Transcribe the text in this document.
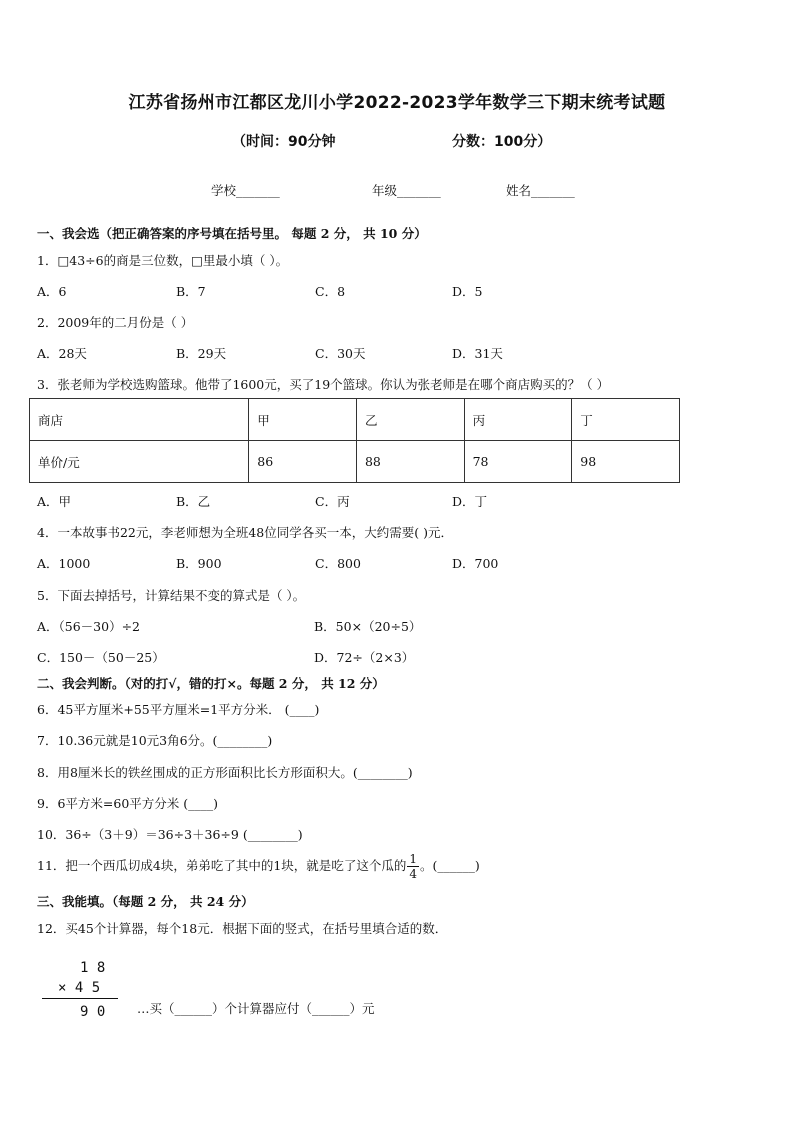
江苏省扬州市江都区龙川小学2022-2023学年数学三下期末统考试题
（时间：90分钟	分数：100分）
学校_______	年级_______	姓名_______
一、我会选（把正确答案的序号填在括号里。 每题 2 分， 共 10 分）
1．□43÷6的商是三位数，□里最小填（ ）。
A．6	B．7	C．8	D．5
2．2009年的二月份是（ ）
A．28天	B．29天	C．30天	D．31天
3．张老师为学校选购篮球。他带了1600元，买了19个篮球。你认为张老师是在哪个商店购买的？（ ）
商店	甲	乙	丙	丁
单价/元	86	88	78	98
A．甲	B．乙	C．丙	D．丁
4．一本故事书22元，李老师想为全班48位同学各买一本，大约需要( )元．
A．1000	B．900	C．800	D．700
5．下面去掉括号，计算结果不变的算式是（ ）。
A．（56－30）÷2	B．50×（20÷5）
C．150－（50－25）	D．72÷（2×3）
二、我会判断。（对的打√，错的打×。每题 2 分， 共 12 分）
6．45平方厘米+55平方厘米=1平方分米． (____)
7．10.36元就是10元3角6分。(________)
8．用8厘米长的铁丝围成的正方形面积比长方形面积大。(________)
9．6平方米=60平方分米 (____)
10．36÷（3＋9）＝36÷3＋36÷9 (________)
11．把一个西瓜切成4块，弟弟吃了其中的1块，就是吃了这个瓜的 $\frac{1}{4}$ 。(______)
三、我能填。（每题 2 分， 共 24 分）
12．买45个计算器，每个18元．根据下面的竖式，在括号里填合适的数．
1 8
× 4 5
9 0	…买（______）个计算器应付（______）元
